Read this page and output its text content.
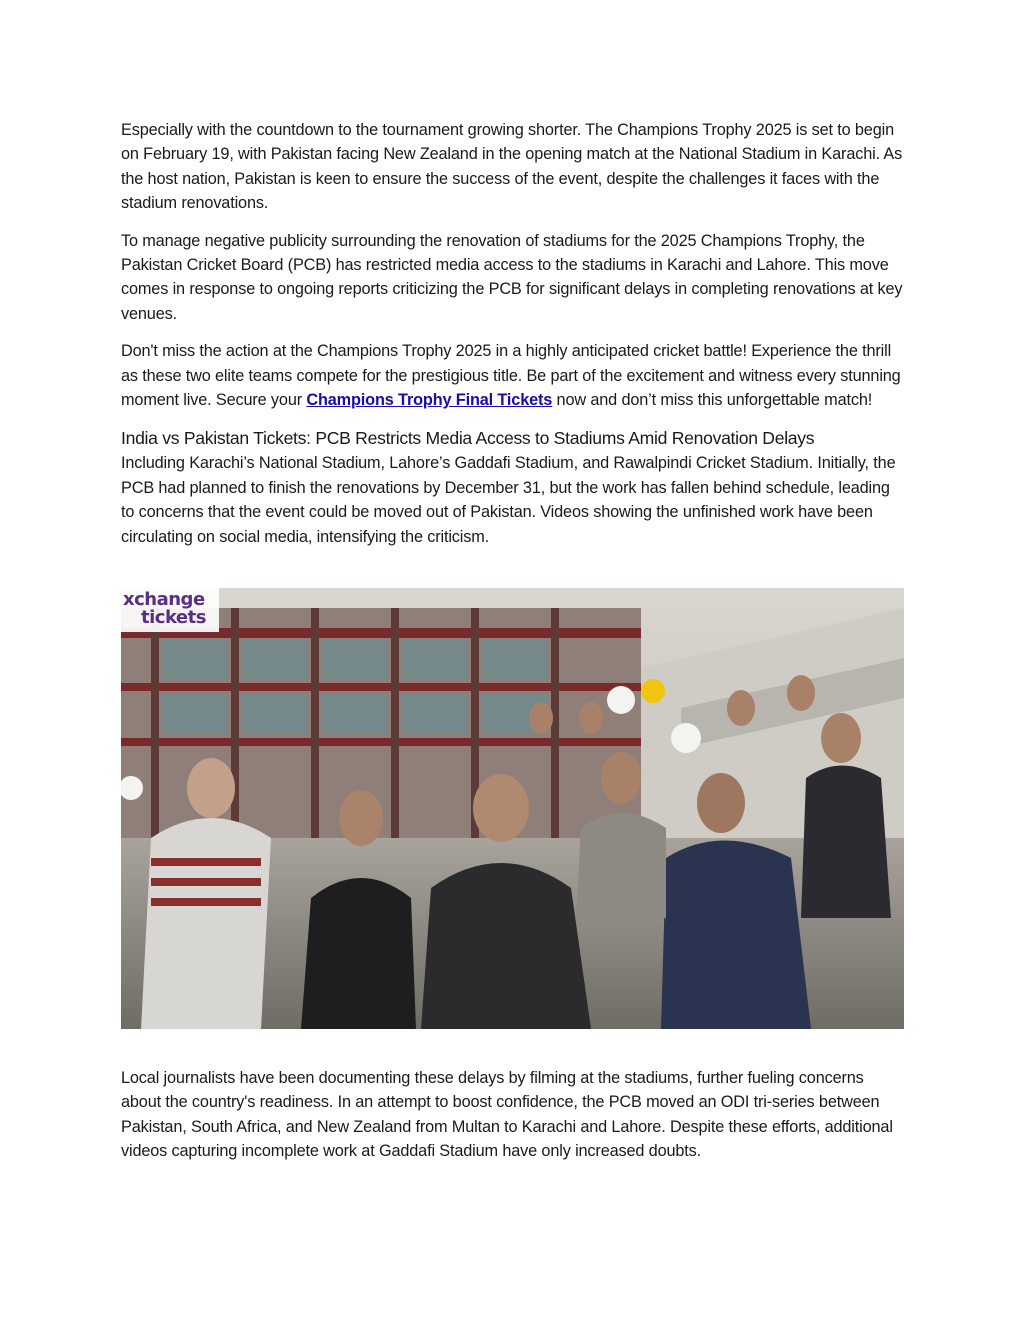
Especially with the countdown to the tournament growing shorter. The Champions Trophy 2025 is set to begin on February 19, with Pakistan facing New Zealand in the opening match at the National Stadium in Karachi. As the host nation, Pakistan is keen to ensure the success of the event, despite the challenges it faces with the stadium renovations.

To manage negative publicity surrounding the renovation of stadiums for the 2025 Champions Trophy, the Pakistan Cricket Board (PCB) has restricted media access to the stadiums in Karachi and Lahore. This move comes in response to ongoing reports criticizing the PCB for significant delays in completing renovations at key venues.

Don't miss the action at the Champions Trophy 2025 in a highly anticipated cricket battle! Experience the thrill as these two elite teams compete for the prestigious title. Be part of the excitement and witness every stunning moment live. Secure your Champions Trophy Final Tickets now and don’t miss this unforgettable match!

India vs Pakistan Tickets: PCB Restricts Media Access to Stadiums Amid Renovation Delays

Including Karachi’s National Stadium, Lahore’s Gaddafi Stadium, and Rawalpindi Cricket Stadium. Initially, the PCB had planned to finish the renovations by December 31, but the work has fallen behind schedule, leading to concerns that the event could be moved out of Pakistan. Videos showing the unfinished work have been circulating on social media, intensifying the criticism.

xchange
tickets

Local journalists have been documenting these delays by filming at the stadiums, further fueling concerns about the country's readiness. In an attempt to boost confidence, the PCB moved an ODI tri-series between Pakistan, South Africa, and New Zealand from Multan to Karachi and Lahore. Despite these efforts, additional videos capturing incomplete work at Gaddafi Stadium have only increased doubts.
